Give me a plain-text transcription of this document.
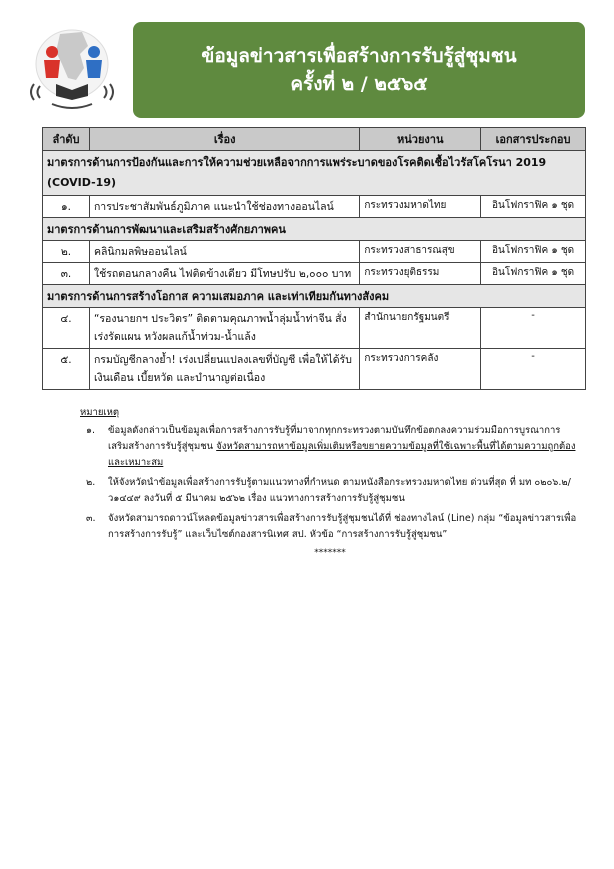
ข้อมูลข่าวสารเพื่อสร้างการรับรู้สู่ชุมชน
ครั้งที่ ๒ / ๒๕๖๕
ลำดับ	เรื่อง	หน่วยงาน	เอกสารประกอบ
มาตรการด้านการป้องกันและการให้ความช่วยเหลือจากการแพร่ระบาดของโรคติดเชื้อไวรัสโคโรนา 2019 (COVID-19)			
๑.	การประชาสัมพันธ์ภูมิภาค แนะนำใช้ช่องทางออนไลน์	กระทรวงมหาดไทย	อินโฟกราฟิค ๑ ชุด
มาตรการด้านการพัฒนาและเสริมสร้างศักยภาพคน			
๒.	คลินิกมลพิษออนไลน์	กระทรวงสาธารณสุข	อินโฟกราฟิค ๑ ชุด
๓.	ใช้รถตอนกลางคืน ไฟติดข้างเดียว มีโทษปรับ ๒,๐๐๐ บาท	กระทรวงยุติธรรม	อินโฟกราฟิค ๑ ชุด
มาตรการด้านการสร้างโอกาส ความเสมอภาค และเท่าเทียมกันทางสังคม			
๔.	“รองนายกฯ ประวิตร” ติดตามคุณภาพน้ำลุ่มน้ำท่าจีน สั่งเร่งรัดแผน หวังผลแก้น้ำท่วม-น้ำแล้ง	สำนักนายกรัฐมนตรี	-
๕.	กรมบัญชีกลางย้ำ! เร่งเปลี่ยนแปลงเลขที่บัญชี เพื่อให้ได้รับเงินเดือน เบี้ยหวัด และบำนาญต่อเนื่อง	กระทรวงการคลัง	-
หมายเหตุ
๑.	ข้อมูลดังกล่าวเป็นข้อมูลเพื่อการสร้างการรับรู้ที่มาจากทุกกระทรวงตามบันทึกข้อตกลงความร่วมมือการบูรณาการเสริมสร้างการรับรู้สู่ชุมชน จังหวัดสามารถหาข้อมูลเพิ่มเติมหรือขยายความข้อมูลที่ใช้เฉพาะพื้นที่ได้ตามความถูกต้องและเหมาะสม
๒.	ให้จังหวัดนำข้อมูลเพื่อสร้างการรับรู้ตามแนวทางที่กำหนด ตามหนังสือกระทรวงมหาดไทย ด่วนที่สุด ที่ มท ๐๒๐๖.๒/ว๑๔๔๙ ลงวันที่ ๕ มีนาคม ๒๕๖๒ เรื่อง แนวทางการสร้างการรับรู้สู่ชุมชน
๓.	จังหวัดสามารถดาวน์โหลดข้อมูลข่าวสารเพื่อสร้างการรับรู้สู่ชุมชนได้ที่ ช่องทางไลน์ (Line) กลุ่ม “ข้อมูลข่าวสารเพื่อการสร้างการรับรู้” และเว็บไซต์กองสารนิเทศ สป. หัวข้อ “การสร้างการรับรู้สู่ชุมชน”
*******
